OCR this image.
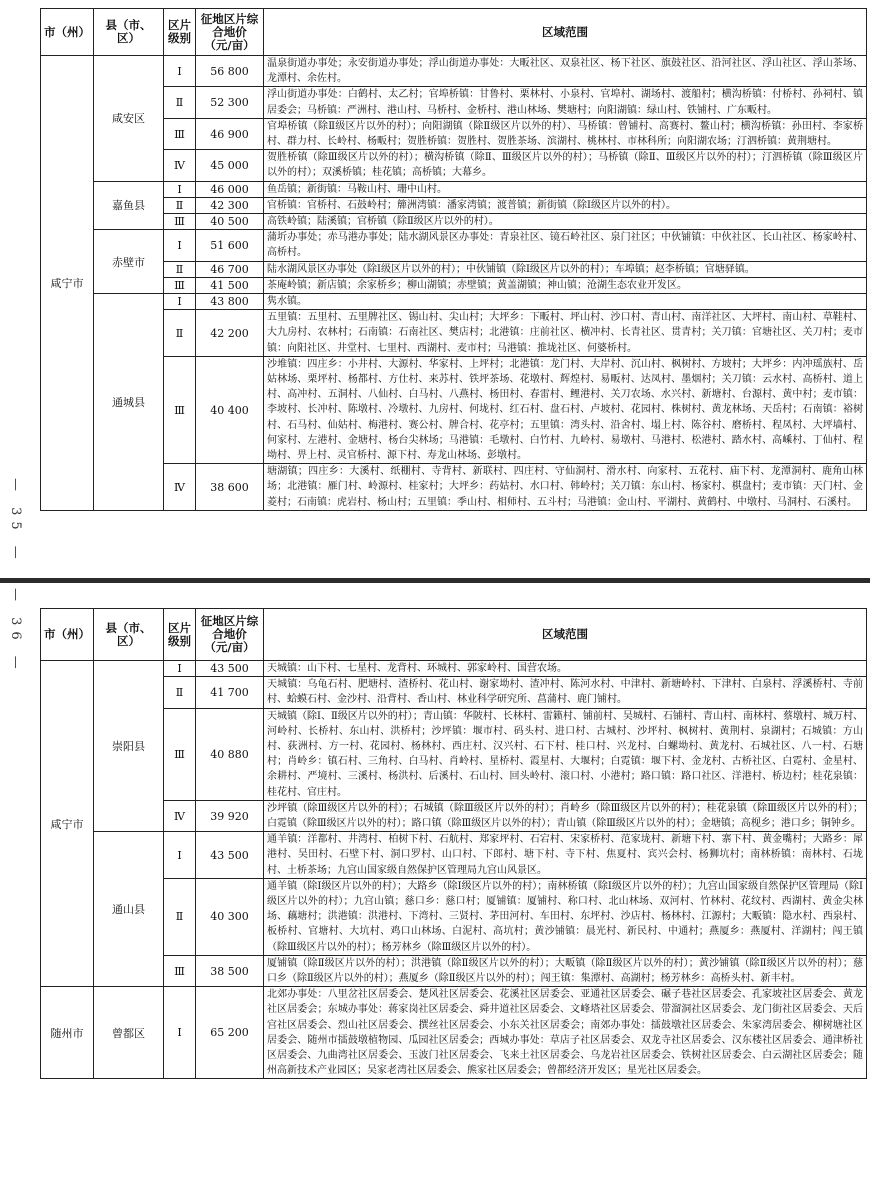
市（州）	县（市、区）	区片级别	征地区片综合地价（元/亩）	区域范围
咸宁市	咸安区	Ⅰ	56 800	温泉街道办事处；永安街道办事处；浮山街道办事处：大畈社区、双泉社区、杨下社区、旗鼓社区、沿河社区、浮山社区、浮山茶场、龙潭村、余佐村。
		Ⅱ	52 300	浮山街道办事处：白鹤村、太乙村；官埠桥镇：甘鲁村、栗林村、小泉村、官埠村、湖场村、渡船村；横沟桥镇：付桥村、孙祠村、镇居委会；马桥镇：严洲村、港山村、马桥村、金桥村、港山林场、樊塘村；向阳湖镇：绿山村、铁铺村、广东畈村。
		Ⅲ	46 900	官埠桥镇（除Ⅱ级区片以外的村）；向阳湖镇（除Ⅱ级区片以外的村）、马桥镇：曾铺村、高赛村、鳌山村；横沟桥镇：孙田村、李家桥村、群力村、长岭村、杨畈村；贺胜桥镇：贺胜村、贺胜茶场、滨湖村、桃林村、市林科所；向阳湖农场；汀泗桥镇：黄荆塘村。
		Ⅳ	45 000	贺胜桥镇（除Ⅲ级区片以外的村）；横沟桥镇（除Ⅱ、Ⅲ级区片以外的村）；马桥镇（除Ⅱ、Ⅲ级区片以外的村）；汀泗桥镇（除Ⅲ级区片以外的村）；双溪桥镇；桂花镇；高桥镇；大幕乡。
	嘉鱼县	Ⅰ	46 000	鱼岳镇；新街镇：马鞍山村、珊中山村。
		Ⅱ	42 300	官桥镇：官桥村、石鼓岭村；簰洲湾镇：潘家湾镇；渡普镇；新街镇（除Ⅰ级区片以外的村）。
		Ⅲ	40 500	高铁岭镇；陆溪镇；官桥镇（除Ⅱ级区片以外的村）。
	赤壁市	Ⅰ	51 600	蒲圻办事处；赤马港办事处；陆水湖风景区办事处：青泉社区、镜石岭社区、泉门社区；中伙铺镇：中伙社区、长山社区、杨家岭村、高桥村。
		Ⅱ	46 700	陆水湖风景区办事处（除Ⅰ级区片以外的村）；中伙铺镇（除Ⅰ级区片以外的村）；车埠镇；赵李桥镇；官塘驿镇。
		Ⅲ	41 500	茶庵岭镇；新店镇；余家桥乡；柳山湖镇；赤壁镇；黄盖湖镇；神山镇；沧湖生态农业开发区。
	通城县	Ⅰ	43 800	隽水镇。
		Ⅱ	42 200	五里镇：五里村、五里牌社区、锡山村、尖山村；大坪乡：下畈村、坪山村、沙口村、青山村、南洋社区、大坪村、南山村、草鞋村、大九房村、农林村；石南镇：石南社区、樊店村；北港镇：庄前社区、横冲村、长青社区、贯青村；关刀镇：官塘社区、关刀村；麦市镇：向阳社区、井堂村、七里村、西湖村、麦市村；马港镇：推垅社区、何婆桥村。
		Ⅲ	40 400	沙堆镇：四庄乡：小井村、大源村、华家村、上坪村；北港镇：龙门村、大岸村、沉山村、枫树村、方坡村；大坪乡：内冲瑶族村、岳姑林场、栗坪村、杨都村、方仕村、来苏村、铁坪茶场、花墩村、辉煌村、易畈村、达凤村、墨烟村；关刀镇：云水村、高桥村、道上村、高冲村、五洞村、八仙村、白马村、八燕村、杨田村、春雷村、鲤港村、关刀农场、水兴村、新塘村、台源村、黄中村；麦市镇：李坡村、长冲村、陈墩村、冷墩村、九房村、何垅村、红石村、盘石村、卢坡村、花园村、株树村、黄龙林场、天岳村；石南镇：裕树村、石马村、仙姑村、梅港村、赛公村、牌合村、花亭村；五里镇：湾头村、沿舍村、塌上村、陈谷村、磨桥村、程凤村、大坪墙村、何家村、左港村、金塘村、杨台尖林场；马港镇：毛墩村、白竹村、九岭村、易墩村、马港村、松港村、踏水村、高嵊村、丁仙村、程坳村、畀上村、灵官桥村、源下村、寿龙山林场、彭墩村。
		Ⅳ	38 600	塘湖镇；四庄乡：大溪村、纸棚村、寺背村、新联村、四庄村、守仙洞村、滑水村、向家村、五花村、庙下村、龙潭洞村、鹿角山林场；北港镇：雁门村、岭源村、桂家村；大坪乡：药姑村、水口村、韩岭村；关刀镇：东山村、杨家村、棋盘村；麦市镇：天门村、金菱村；石南镇：虎岩村、杨山村；五里镇：季山村、相师村、五斗村；马港镇：金山村、平湖村、黄鹤村、中墩村、马洞村、石溪村。
— 35 —
市（州）	县（市、区）	区片级别	征地区片综合地价（元/亩）	区域范围
咸宁市	崇阳县	Ⅰ	43 500	天城镇：山下村、七星村、龙背村、环城村、郭家岭村、国营农场。
		Ⅱ	41 700	天城镇：乌龟石村、肥塘村、渣桥村、花山村、谢家坳村、渣冲村、陈河水村、中津村、新塘岭村、下津村、白泉村、浮溪桥村、寺前村、蛤蟆石村、金沙村、沿背村、香山村、林业科学研究所、菖蒲村、鹿门铺村。
		Ⅲ	40 880	天城镇（除Ⅰ、Ⅱ级区片以外的村）；青山镇：华陂村、长林村、雷籁村、铺前村、吴城村、石铺村、青山村、南林村、蔡墩村、城万村、河岭村、长桥村、东山村、洪桥村；沙坪镇：堰市村、码头村、进口村、古城村、沙坪村、枫树村、黄荆村、泉湖村；石城镇：方山村、荻洲村、方一村、花园村、杨林村、西庄村、汉兴村、石下村、桂口村、兴龙村、白螺坳村、黄龙村、石城社区、八一村、石塘村；肖岭乡：镇石村、三角村、白马村、肖岭村、星桥村、霞星村、大堰村；白霓镇：堰下村、金龙村、古桥社区、白霓村、金星村、余耕村、严境村、三溪村、杨洪村、后溪村、石山村、回头岭村、滚口村、小港村；路口镇：路口社区、洋港村、桥边村；桂花泉镇：桂花村、官庄村。
		Ⅳ	39 920	沙坪镇（除Ⅲ级区片以外的村）；石城镇（除Ⅲ级区片以外的村）；肖岭乡（除Ⅲ级区片以外的村）；桂花泉镇（除Ⅲ级区片以外的村）；白霓镇（除Ⅲ级区片以外的村）；路口镇（除Ⅲ级区片以外的村）；青山镇（除Ⅲ级区片以外的村）；金塘镇；高枧乡；港口乡；铜钟乡。
	通山县	Ⅰ	43 500	通羊镇：洋都村、井湾村、柏树下村、石航村、郑家坪村、石宕村、宋家桥村、范家垅村、新塘下村、寨下村、黄金嘴村；大路乡：犀港村、吴田村、石壁下村、洞口罗村、山口村、下郎村、塘下村、寺下村、焦夏村、宾兴会村、杨狮坑村；南林桥镇：南林村、石垅村、土桥茶场；九宫山国家级自然保护区管理局九宫山风景区。
		Ⅱ	40 300	通羊镇（除Ⅰ级区片以外的村）；大路乡（除Ⅰ级区片以外的村）；南林桥镇（除Ⅰ级区片以外的村）；九宫山国家级自然保护区管理局（除Ⅰ级区片以外的村）；九宫山镇；慈口乡：慈口村；厦铺镇：厦铺村、称口村、北山林场、双河村、竹林村、花纹村、西湖村、黄金尖林场、藕塘村；洪港镇：洪港村、下湾村、三贤村、茅田河村、车田村、东坪村、沙店村、杨林村、江源村；大畈镇：隐水村、西泉村、板桥村、官塘村、大坑村、鸡口山林场、白泥村、高坑村；黄沙铺镇：晨光村、新民村、中通村；燕厦乡：燕厦村、洋湖村；闯王镇（除Ⅲ级区片以外的村）；杨芳林乡（除Ⅲ级区片以外的村）。
		Ⅲ	38 500	厦铺镇（除Ⅱ级区片以外的村）；洪港镇（除Ⅱ级区片以外的村）；大畈镇（除Ⅱ级区片以外的村）；黄沙铺镇（除Ⅱ级区片以外的村）；慈口乡（除Ⅱ级区片以外的村）；燕厦乡（除Ⅱ级区片以外的村）；闯王镇：集潭村、高湖村；杨芳林乡：高桥头村、新丰村。
随州市	曾都区	Ⅰ	65 200	北郊办事处：八里岔社区居委会、楚风社区居委会、花溪社区居委会、亚通社区居委会、碾子巷社区居委会、孔家坡社区居委会、黄龙社区居委会；东城办事处：蒋家岗社区居委会、舜井道社区居委会、文峰塔社区居委会、带溜洞社区居委会、龙门街社区居委会、天后宫社区居委会、烈山社区居委会、撰丝社区居委会、小东关社区居委会；南郊办事处：擂鼓墩社区居委会、朱家湾居委会、柳树塘社区居委会、随州市擂鼓墩植物园、瓜园社区居委会；西城办事处：草店子社区居委会、双龙寺社区居委会、汉东楼社区居委会、通津桥社区居委会、九曲湾社区居委会、玉波门社区居委会、飞来土社区居委会、乌龙岩社区居委会、铁树社区居委会、白云湖社区居委会；随州高新技术产业园区；吴家老湾社区居委会、熊家社区居委会；曾都经济开发区；星光社区居委会。
— 36 —
